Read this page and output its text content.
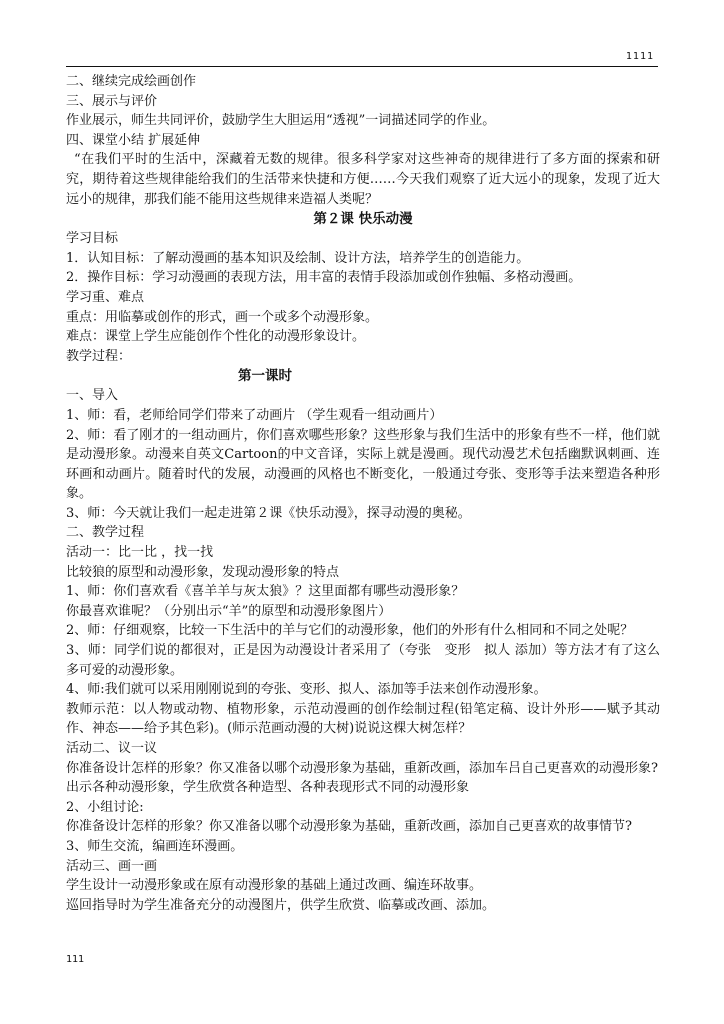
1111
二、继续完成绘画创作
三、展示与评价
作业展示，师生共同评价，鼓励学生大胆运用“透视”一词描述同学的作业。
四、课堂小结 扩展延伸
“在我们平时的生活中，深藏着无数的规律。很多科学家对这些神奇的规律进行了多方面的探索和研究，期待着这些规律能给我们的生活带来快捷和方便……今天我们观察了近大远小的现象，发现了近大远小的规律，那我们能不能用这些规律来造福人类呢？
第２课 快乐动漫
学习目标
1．认知目标：了解动漫画的基本知识及绘制、设计方法，培养学生的创造能力。
2．操作目标：学习动漫画的表现方法，用丰富的表情手段添加或创作独幅、多格动漫画。
学习重、难点
重点：用临摹或创作的形式，画一个或多个动漫形象。
难点：课堂上学生应能创作个性化的动漫形象设计。
教学过程：
第一课时
一、导入
1、师：看，老师给同学们带来了动画片 （学生观看一组动画片）
2、师：看了刚才的一组动画片，你们喜欢哪些形象？这些形象与我们生活中的形象有些不一样，他们就是动漫形象。动漫来自英文Cartoon的中文音译，实际上就是漫画。现代动漫艺术包括幽默讽刺画、连环画和动画片。随着时代的发展，动漫画的风格也不断变化，一般通过夸张、变形等手法来塑造各种形象。
3、师：今天就让我们一起走进第２课《快乐动漫》，探寻动漫的奥秘。
二、教学过程
活动一：比一比 ，找一找
比较狼的原型和动漫形象，发现动漫形象的特点
1、师：你们喜欢看《喜羊羊与灰太狼》？这里面都有哪些动漫形象？
你最喜欢谁呢？（分别出示“羊”的原型和动漫形象图片）
2、师：仔细观察，比较一下生活中的羊与它们的动漫形象，他们的外形有什么相同和不同之处呢？
3、师：同学们说的都很对，正是因为动漫设计者采用了（夸张　变形　拟人 添加）等方法才有了这么多可爱的动漫形象。
4、师:我们就可以采用刚刚说到的夸张、变形、拟人、添加等手法来创作动漫形象。
教师示范：以人物或动物、植物形象，示范动漫画的创作绘制过程(铅笔定稿、设计外形——赋予其动作、神态——给予其色彩)。(师示范画动漫的大树)说说这棵大树怎样？
活动二、议一议
你准备设计怎样的形象？你又准备以哪个动漫形象为基础，重新改画，添加车吕自己更喜欢的动漫形象?
出示各种动漫形象，学生欣赏各种造型、各种表现形式不同的动漫形象
2、小组讨论:
你准备设计怎样的形象？你又准备以哪个动漫形象为基础，重新改画，添加自己更喜欢的故事情节?
3、师生交流，编画连环漫画。
活动三、画一画
学生设计一动漫形象或在原有动漫形象的基础上通过改画、编连环故事。
巡回指导时为学生准备充分的动漫图片，供学生欣赏、临摹或改画、添加。
111
